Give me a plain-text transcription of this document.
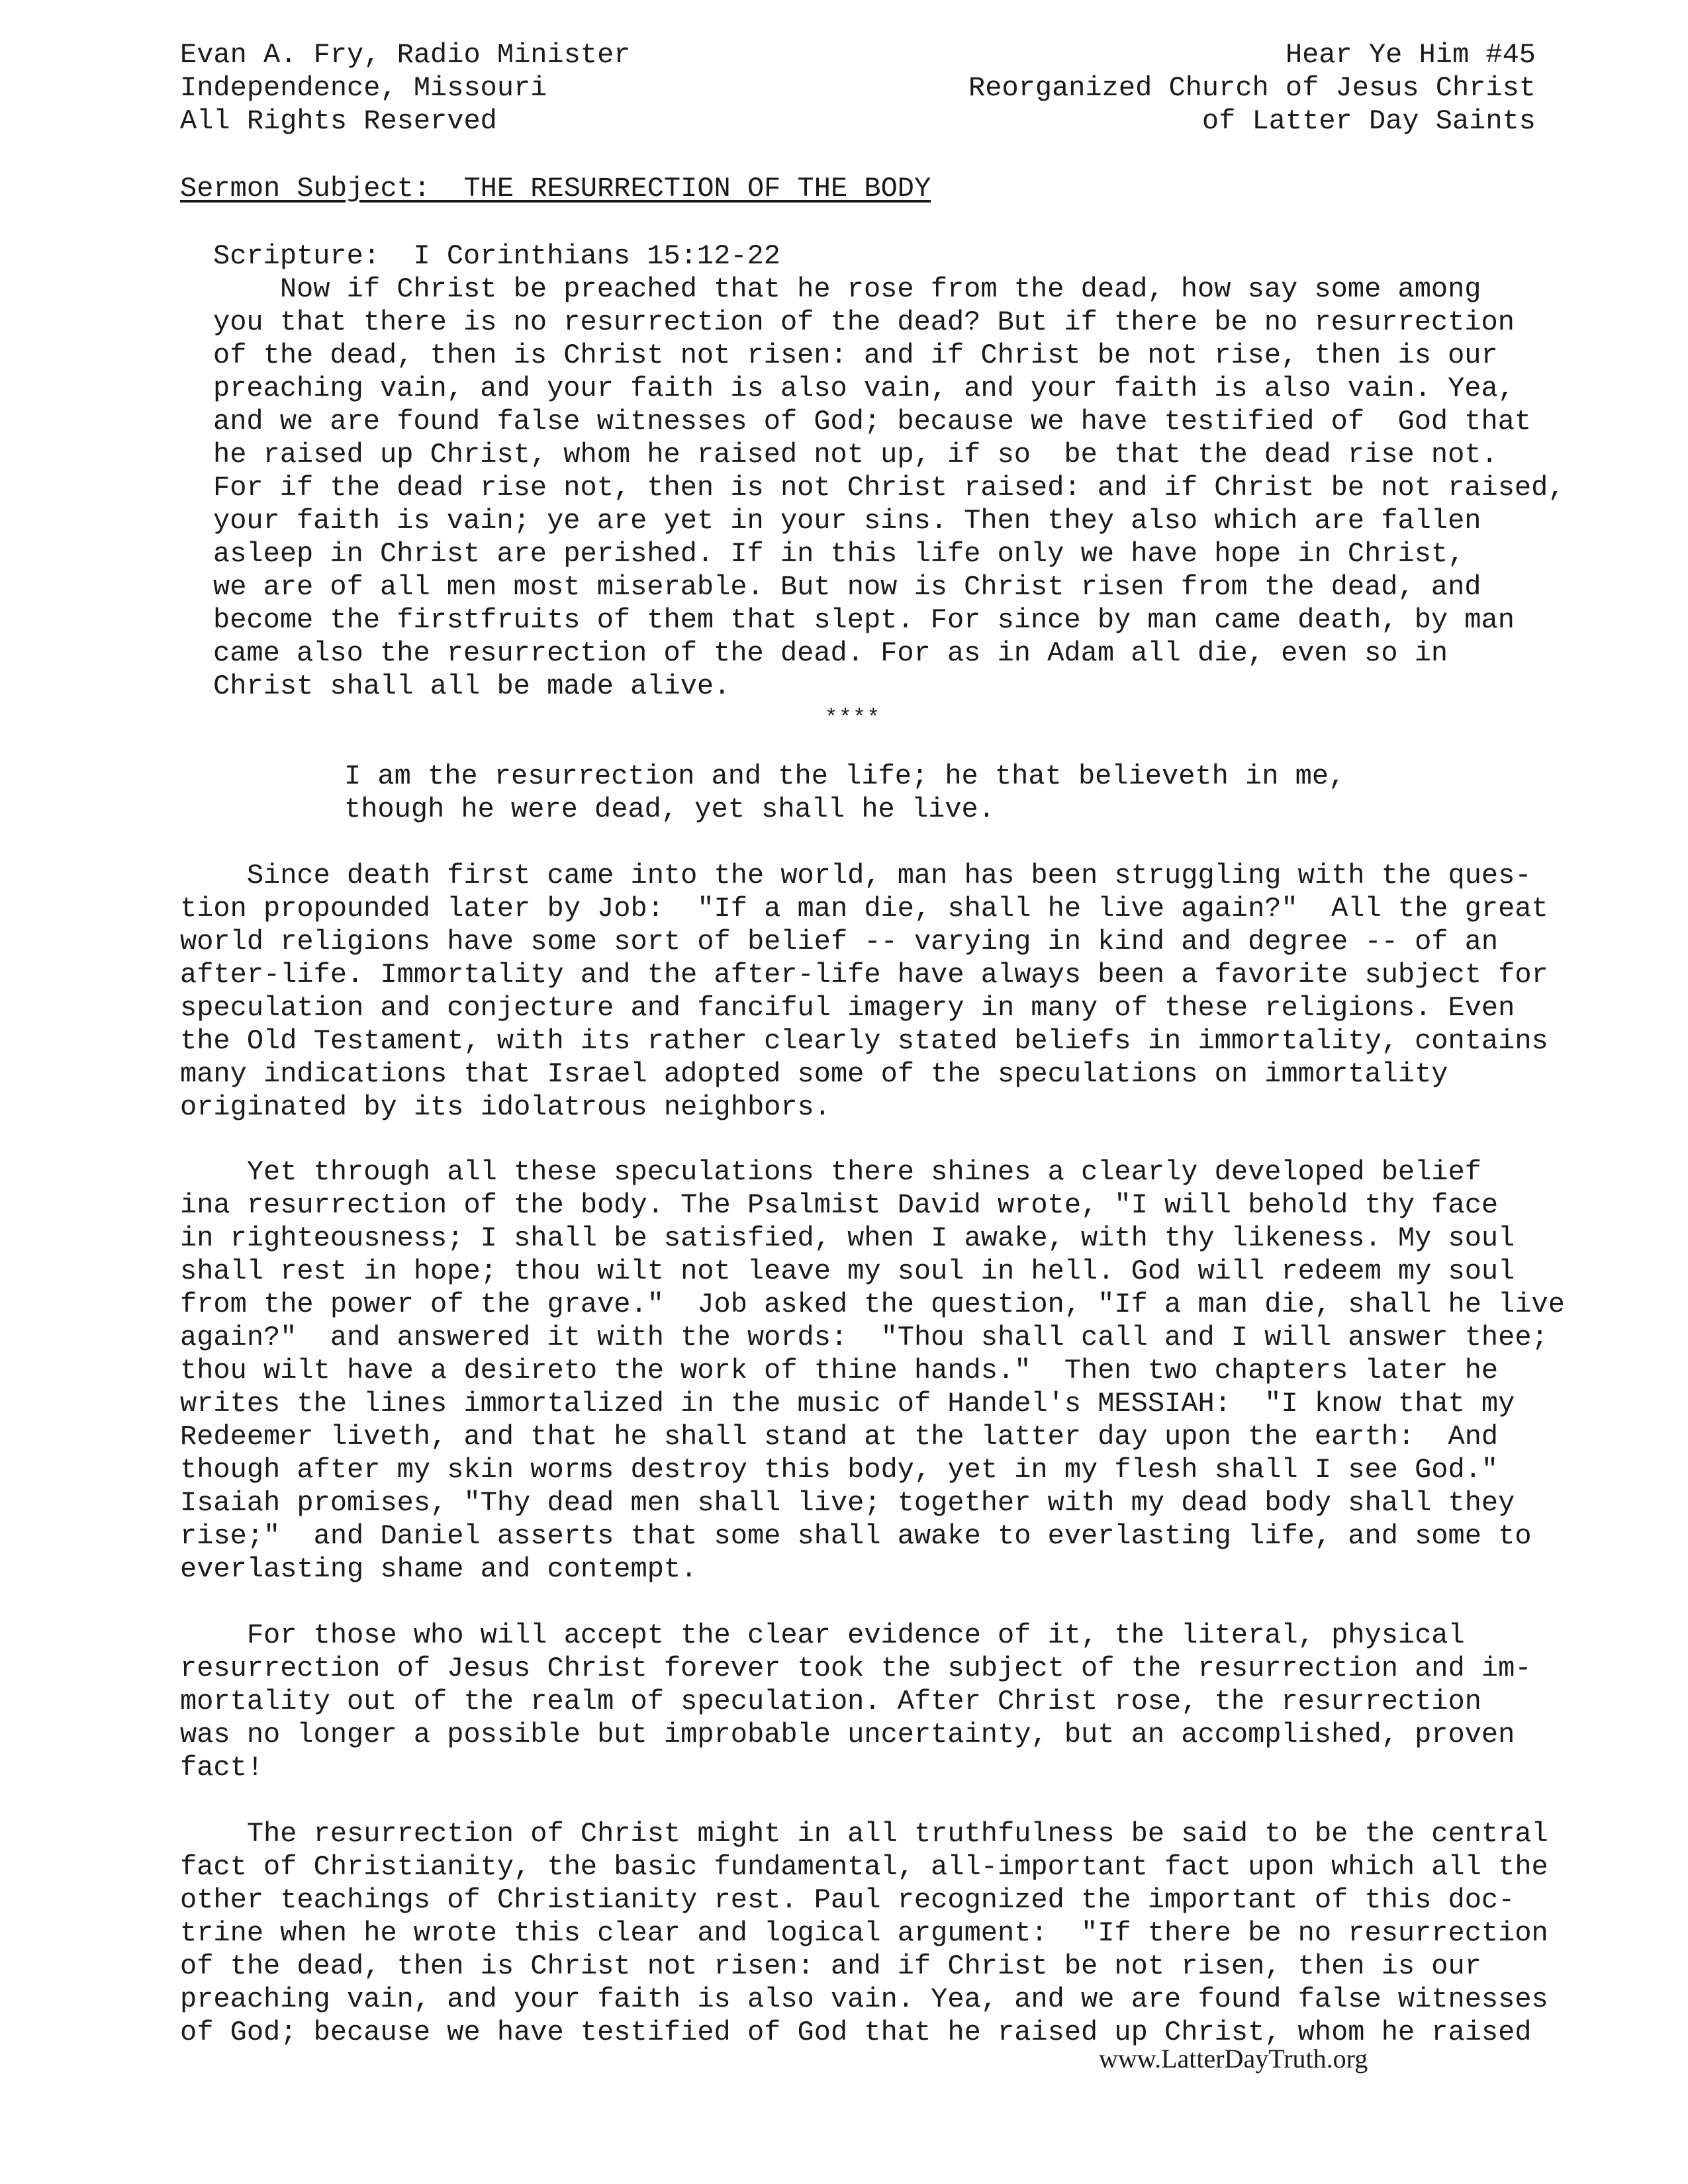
Evan A. Fry, Radio Minister
Independence, Missouri
All Rights Reserved
Hear Ye Him #45
Reorganized Church of Jesus Christ
of Latter Day Saints
Sermon Subject:  THE RESURRECTION OF THE BODY
Scripture:  I Corinthians 15:12-22
Now if Christ be preached that he rose from the dead, how say some among
you that there is no resurrection of the dead? But if there be no resurrection
of the dead, then is Christ not risen: and if Christ be not rise, then is our
preaching vain, and your faith is also vain, and your faith is also vain. Yea,
and we are found false witnesses of God; because we have testified of  God that
he raised up Christ, whom he raised not up, if so  be that the dead rise not.
For if the dead rise not, then is not Christ raised: and if Christ be not raised,
your faith is vain; ye are yet in your sins. Then they also which are fallen
asleep in Christ are perished. If in this life only we have hope in Christ,
we are of all men most miserable. But now is Christ risen from the dead, and
become the firstfruits of them that slept. For since by man came death, by man
came also the resurrection of the dead. For as in Adam all die, even so in
Christ shall all be made alive.
****
I am the resurrection and the life; he that believeth in me,
though he were dead, yet shall he live.
Since death first came into the world, man has been struggling with the ques-
tion propounded later by Job:  "If a man die, shall he live again?"  All the great
world religions have some sort of belief -- varying in kind and degree -- of an
after-life. Immortality and the after-life have always been a favorite subject for
speculation and conjecture and fanciful imagery in many of these religions. Even
the Old Testament, with its rather clearly stated beliefs in immortality, contains
many indications that Israel adopted some of the speculations on immortality
originated by its idolatrous neighbors.
Yet through all these speculations there shines a clearly developed belief
ina resurrection of the body. The Psalmist David wrote, "I will behold thy face
in righteousness; I shall be satisfied, when I awake, with thy likeness. My soul
shall rest in hope; thou wilt not leave my soul in hell. God will redeem my soul
from the power of the grave."  Job asked the question, "If a man die, shall he live
again?"  and answered it with the words:  "Thou shall call and I will answer thee;
thou wilt have a desireto the work of thine hands."  Then two chapters later he
writes the lines immortalized in the music of Handel's MESSIAH:  "I know that my
Redeemer liveth, and that he shall stand at the latter day upon the earth:  And
though after my skin worms destroy this body, yet in my flesh shall I see God."
Isaiah promises, "Thy dead men shall live; together with my dead body shall they
rise;"  and Daniel asserts that some shall awake to everlasting life, and some to
everlasting shame and contempt.
For those who will accept the clear evidence of it, the literal, physical
resurrection of Jesus Christ forever took the subject of the resurrection and im-
mortality out of the realm of speculation. After Christ rose, the resurrection
was no longer a possible but improbable uncertainty, but an accomplished, proven
fact!
The resurrection of Christ might in all truthfulness be said to be the central
fact of Christianity, the basic fundamental, all-important fact upon which all the
other teachings of Christianity rest. Paul recognized the important of this doc-
trine when he wrote this clear and logical argument:  "If there be no resurrection
of the dead, then is Christ not risen: and if Christ be not risen, then is our
preaching vain, and your faith is also vain. Yea, and we are found false witnesses
of God; because we have testified of God that he raised up Christ, whom he raised
www.LatterDayTruth.org
